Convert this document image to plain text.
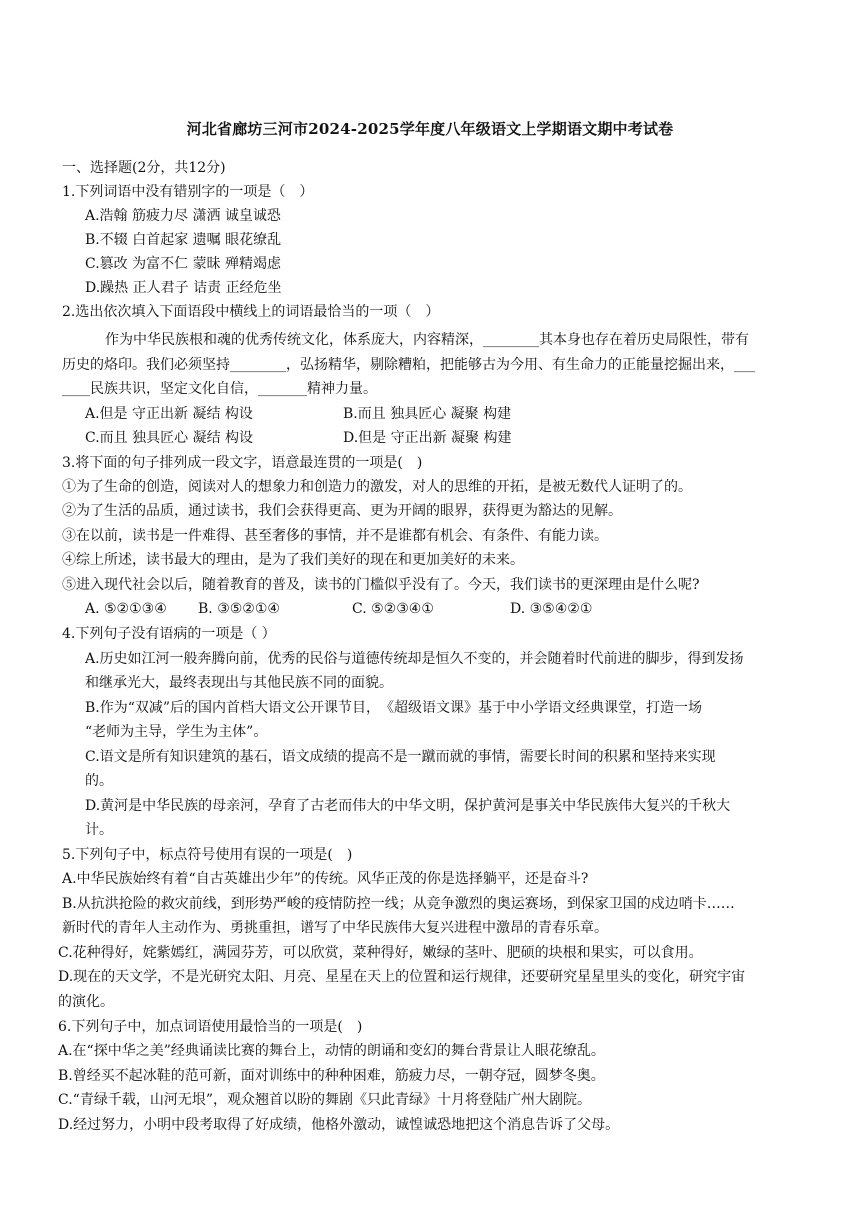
河北省廊坊三河市2024-2025学年度八年级语文上学期语文期中考试卷
一、选择题(2分，共12分)
1.下列词语中没有错别字的一项是（　）
A.浩翰 筋疲力尽 潇洒 诚皇诚恐
B.不辍 白首起家 遗嘱 眼花缭乱
C.篡改 为富不仁 蒙昧 殚精竭虑
D.躁热 正人君子 诘责 正经危坐
2.选出依次填入下面语段中横线上的词语最恰当的一项（　）
作为中华民族根和魂的优秀传统文化，体系庞大，内容精深，________其本身也存在着历史局限性，带有
历史的烙印。我们必须坚持________，弘扬精华，剔除糟粕，把能够古为今用、有生命力的正能量挖掘出来，___
____民族共识，坚定文化自信，_______精神力量。
A.但是 守正出新 凝结 构设	B.而且 独具匠心 凝聚 构建
C.而且 独具匠心 凝结 构设	D.但是 守正出新 凝聚 构建
3.将下面的句子排列成一段文字，语意最连贯的一项是(　)
①为了生命的创造，阅读对人的想象力和创造力的激发，对人的思维的开拓，是被无数代人证明了的。
②为了生活的品质，通过读书，我们会获得更高、更为开阔的眼界，获得更为豁达的见解。
③在以前，读书是一件难得、甚至奢侈的事情，并不是谁都有机会、有条件、有能力读。
④综上所述，读书最大的理由，是为了我们美好的现在和更加美好的未来。
⑤进入现代社会以后，随着教育的普及，读书的门槛似乎没有了。今天，我们读书的更深理由是什么呢?
A. ⑤②①③④ B. ③⑤②①④	C. ⑤②③④①	D. ③⑤④②①
4.下列句子没有语病的一项是（ ）
A.历史如江河一般奔腾向前，优秀的民俗与道德传统却是恒久不变的，并会随着时代前进的脚步，得到发扬
和继承光大，最终表现出与其他民族不同的面貌。
B.作为“双减”后的国内首档大语文公开课节目，　《超级语文课》基于中小学语文经典课堂，打造一场
“老师为主导，学生为主体”。
C.语文是所有知识建筑的基石，语文成绩的提高不是一蹴而就的事情，需要长时间的积累和坚持来实现
的。
D.黄河是中华民族的母亲河，孕育了古老而伟大的中华文明，保护黄河是事关中华民族伟大复兴的千秋大
计。
5.下列句子中，标点符号使用有误的一项是(　)
A.中华民族始终有着“自古英雄出少年”的传统。风华正茂的你是选择躺平，还是奋斗?
B.从抗洪抢险的救灾前线，到形势严峻的疫情防控一线；从竞争激烈的奥运赛场，到保家卫国的戍边哨卡……
新时代的青年人主动作为、勇挑重担，谱写了中华民族伟大复兴进程中激昂的青春乐章。
C.花种得好，姹紫嫣红，满园芬芳，可以欣赏，菜种得好，嫩绿的茎叶、肥硕的块根和果实，可以食用。
D.现在的天文学，不是光研究太阳、月亮、星星在天上的位置和运行规律，还要研究星星里头的变化，研究宇宙
的演化。
6.下列句子中，加点词语使用最恰当的一项是(　)
A.在“探中华之美”经典诵读比赛的舞台上，动情的朗诵和变幻的舞台背景让人眼花缭乱。
B.曾经买不起冰鞋的范可新，面对训练中的种种困难，筋疲力尽，一朝夺冠，圆梦冬奥。
C.“青绿千载，山河无垠”，观众翘首以盼的舞剧《只此青绿》十月将登陆广州大剧院。
D.经过努力，小明中段考取得了好成绩，他格外激动，诚惶诚恐地把这个消息告诉了父母。
